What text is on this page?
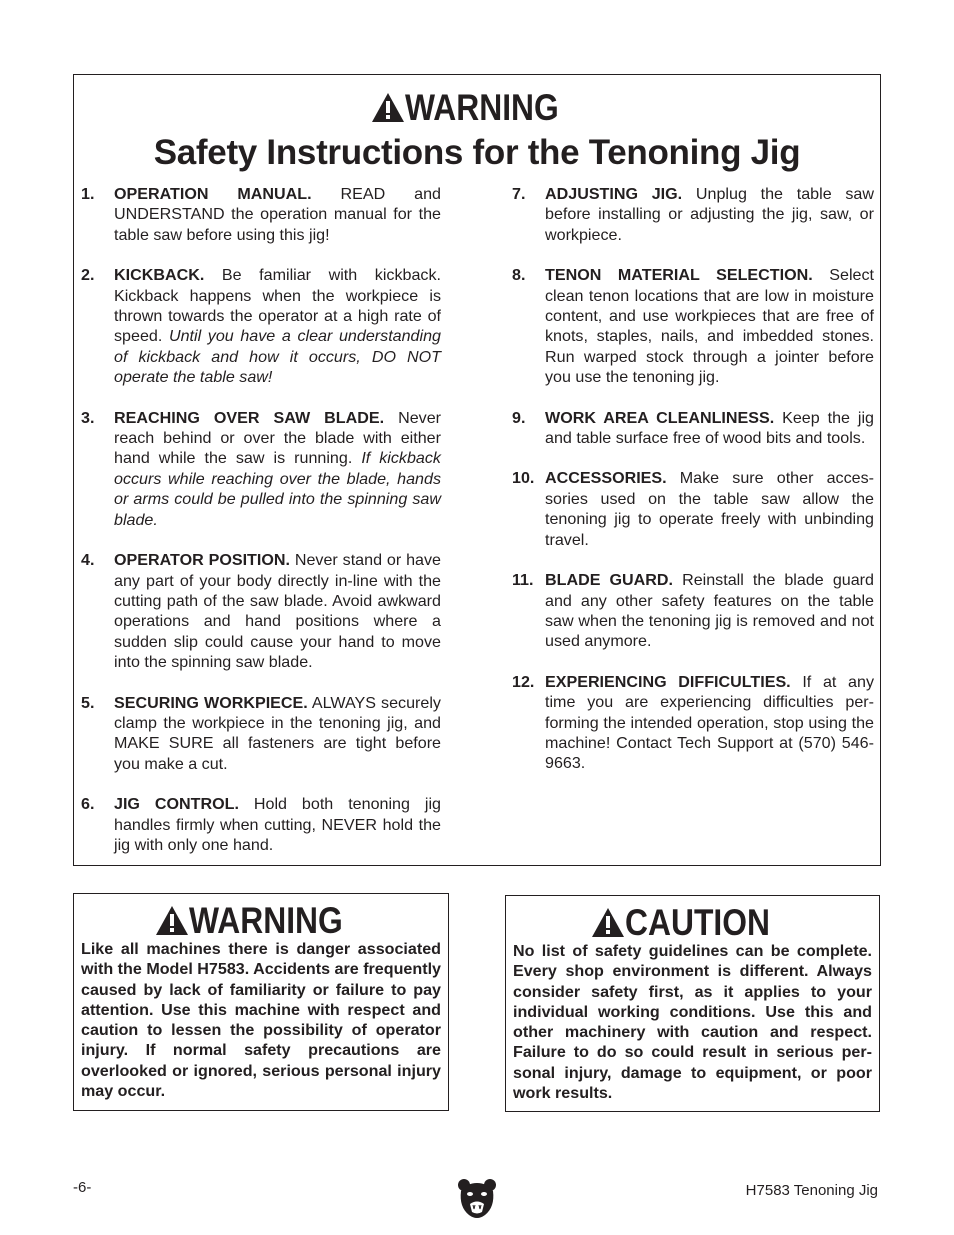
WARNING
Safety Instructions for the Tenoning Jig
1. OPERATION MANUAL. READ and UNDERSTAND the operation manual for the table saw before using this jig!
2. KICKBACK. Be familiar with kickback. Kickback happens when the workpiece is thrown towards the operator at a high rate of speed. Until you have a clear understanding of kickback and how it occurs, DO NOT operate the table saw!
3. REACHING OVER SAW BLADE. Never reach behind or over the blade with either hand while the saw is running. If kickback occurs while reaching over the blade, hands or arms could be pulled into the spinning saw blade.
4. OPERATOR POSITION. Never stand or have any part of your body directly in-line with the cutting path of the saw blade. Avoid awkward operations and hand positions where a sudden slip could cause your hand to move into the spinning saw blade.
5. SECURING WORKPIECE. ALWAYS securely clamp the workpiece in the tenoning jig, and MAKE SURE all fasteners are tight before you make a cut.
6. JIG CONTROL. Hold both tenoning jig handles firmly when cutting, NEVER hold the jig with only one hand.
7. ADJUSTING JIG. Unplug the table saw before installing or adjusting the jig, saw, or workpiece.
8. TENON MATERIAL SELECTION. Select clean tenon locations that are low in moisture content, and use workpieces that are free of knots, staples, nails, and imbedded stones. Run warped stock through a jointer before you use the tenoning jig.
9. WORK AREA CLEANLINESS. Keep the jig and table surface free of wood bits and tools.
10. ACCESSORIES. Make sure other accessories used on the table saw allow the tenoning jig to operate freely with unbinding travel.
11. BLADE GUARD. Reinstall the blade guard and any other safety features on the table saw when the tenoning jig is removed and not used anymore.
12. EXPERIENCING DIFFICULTIES. If at any time you are experiencing difficulties performing the intended operation, stop using the machine! Contact Tech Support at (570) 546-9663.
WARNING
Like all machines there is danger associated with the Model H7583. Accidents are frequently caused by lack of familiarity or failure to pay attention. Use this machine with respect and caution to lessen the possibility of operator injury. If normal safety precautions are overlooked or ignored, serious personal injury may occur.
CAUTION
No list of safety guidelines can be complete. Every shop environment is different. Always consider safety first, as it applies to your individual working conditions. Use this and other machinery with caution and respect. Failure to do so could result in serious personal injury, damage to equipment, or poor work results.
-6-	H7583 Tenoning Jig
